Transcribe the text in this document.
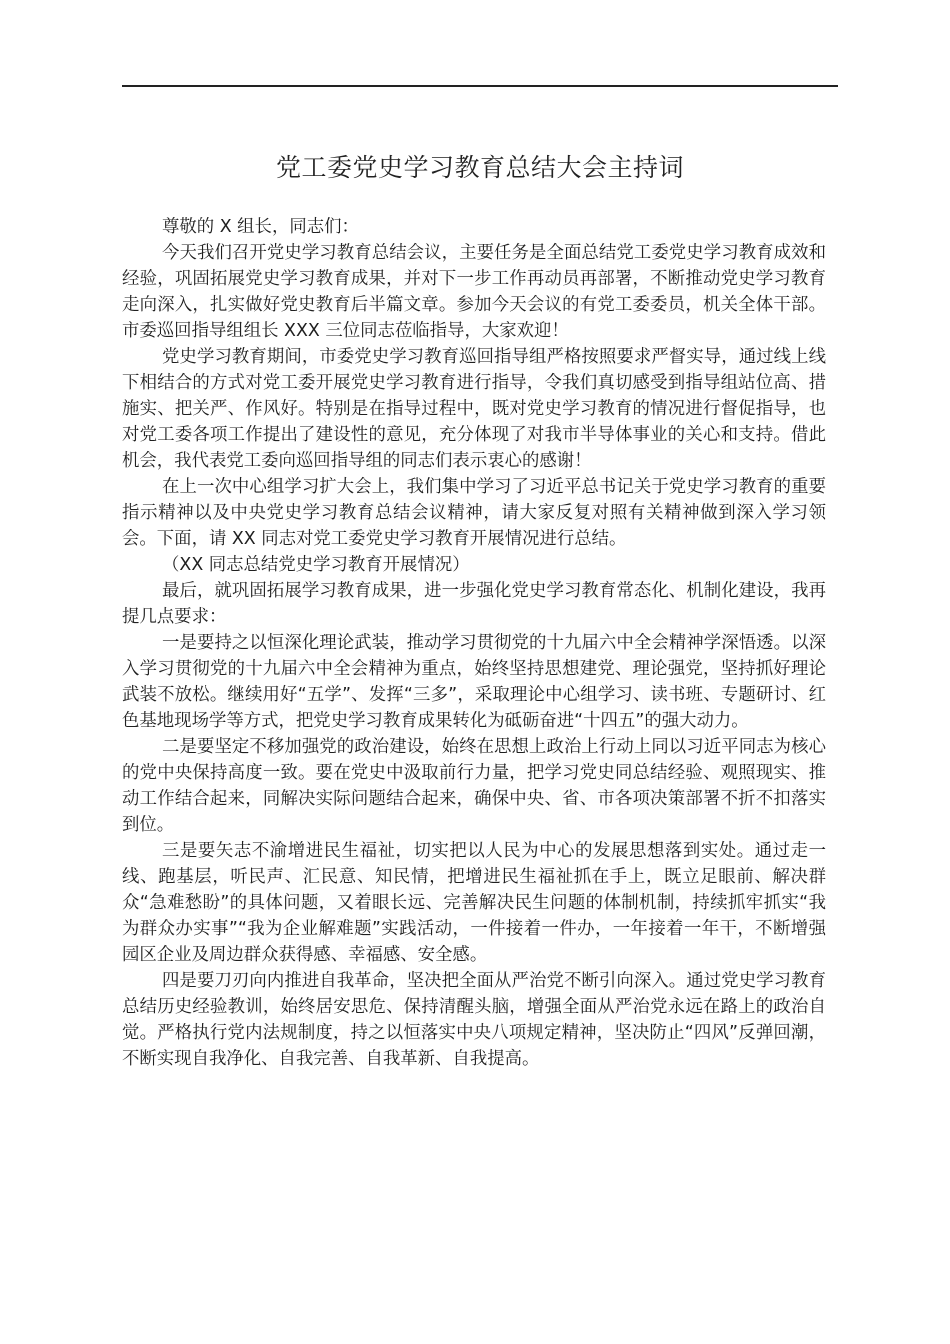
党工委党史学习教育总结大会主持词

尊敬的 X 组长，同志们：

今天我们召开党史学习教育总结会议，主要任务是全面总结党工委党史学习教育成效和经验，巩固拓展党史学习教育成果，并对下一步工作再动员再部署，不断推动党史学习教育走向深入，扎实做好党史教育后半篇文章。参加今天会议的有党工委委员，机关全体干部。市委巡回指导组组长 XXX 三位同志莅临指导，大家欢迎！

党史学习教育期间，市委党史学习教育巡回指导组严格按照要求严督实导，通过线上线下相结合的方式对党工委开展党史学习教育进行指导，令我们真切感受到指导组站位高、措施实、把关严、作风好。特别是在指导过程中，既对党史学习教育的情况进行督促指导，也对党工委各项工作提出了建设性的意见，充分体现了对我市半导体事业的关心和支持。借此机会，我代表党工委向巡回指导组的同志们表示衷心的感谢！

在上一次中心组学习扩大会上，我们集中学习了习近平总书记关于党史学习教育的重要指示精神以及中央党史学习教育总结会议精神，请大家反复对照有关精神做到深入学习领会。下面，请 XX 同志对党工委党史学习教育开展情况进行总结。

（XX 同志总结党史学习教育开展情况）

最后，就巩固拓展学习教育成果，进一步强化党史学习教育常态化、机制化建设，我再提几点要求：

一是要持之以恒深化理论武装，推动学习贯彻党的十九届六中全会精神学深悟透。以深入学习贯彻党的十九届六中全会精神为重点，始终坚持思想建党、理论强党，坚持抓好理论武装不放松。继续用好“五学”、发挥“三多”，采取理论中心组学习、读书班、专题研讨、红色基地现场学等方式，把党史学习教育成果转化为砥砺奋进“十四五”的强大动力。

二是要坚定不移加强党的政治建设，始终在思想上政治上行动上同以习近平同志为核心的党中央保持高度一致。要在党史中汲取前行力量，把学习党史同总结经验、观照现实、推动工作结合起来，同解决实际问题结合起来，确保中央、省、市各项决策部署不折不扣落实到位。

三是要矢志不渝增进民生福祉，切实把以人民为中心的发展思想落到实处。通过走一线、跑基层，听民声、汇民意、知民情，把增进民生福祉抓在手上，既立足眼前、解决群众“急难愁盼”的具体问题，又着眼长远、完善解决民生问题的体制机制，持续抓牢抓实“我为群众办实事”“我为企业解难题”实践活动，一件接着一件办，一年接着一年干，不断增强园区企业及周边群众获得感、幸福感、安全感。

四是要刀刃向内推进自我革命，坚决把全面从严治党不断引向深入。通过党史学习教育总结历史经验教训，始终居安思危、保持清醒头脑，增强全面从严治党永远在路上的政治自觉。严格执行党内法规制度，持之以恒落实中央八项规定精神，坚决防止“四风”反弹回潮，不断实现自我净化、自我完善、自我革新、自我提高。
